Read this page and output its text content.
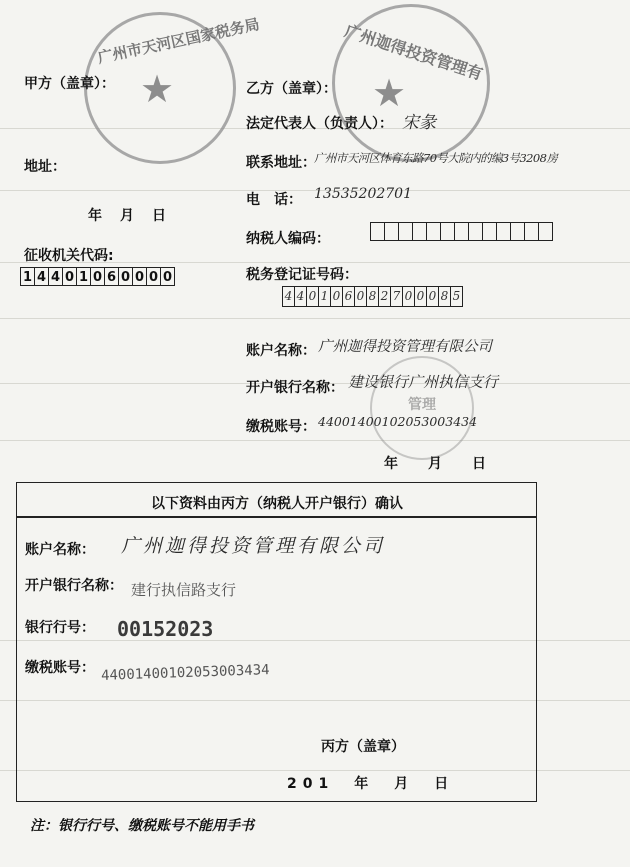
★
广州市天河区国家税务局
★
广州迦得投资管理有
管理
甲方（盖章）：
地址：
年　月　日
征收机关代码:
1 4 4 0 1 0 6 0 0 0 0
乙方（盖章）：
法定代表人（负责人）： 宋彖
联系地址：
广州市天河区体育东路70号大院内的编3号3208房
电　话： 13535202701
纳税人编码：
税务登记证号码：
4 4 0 1 0 6 0 8 2 7 0 0 0 8 5
账户名称： 广州迦得投资管理有限公司
开户银行名称： 建设银行广州执信支行
缴税账号： 44001400102053003434
年　月　日
以下资料由丙方（纳税人开户银行）确认
账户名称： 广州迦得投资管理有限公司
开户银行名称： 建行执信路支行
银行行号： 00152023
缴税账号： 44001400102053003434
丙方（盖章）
201　年　月　日
注：银行行号、缴税账号不能用手书
